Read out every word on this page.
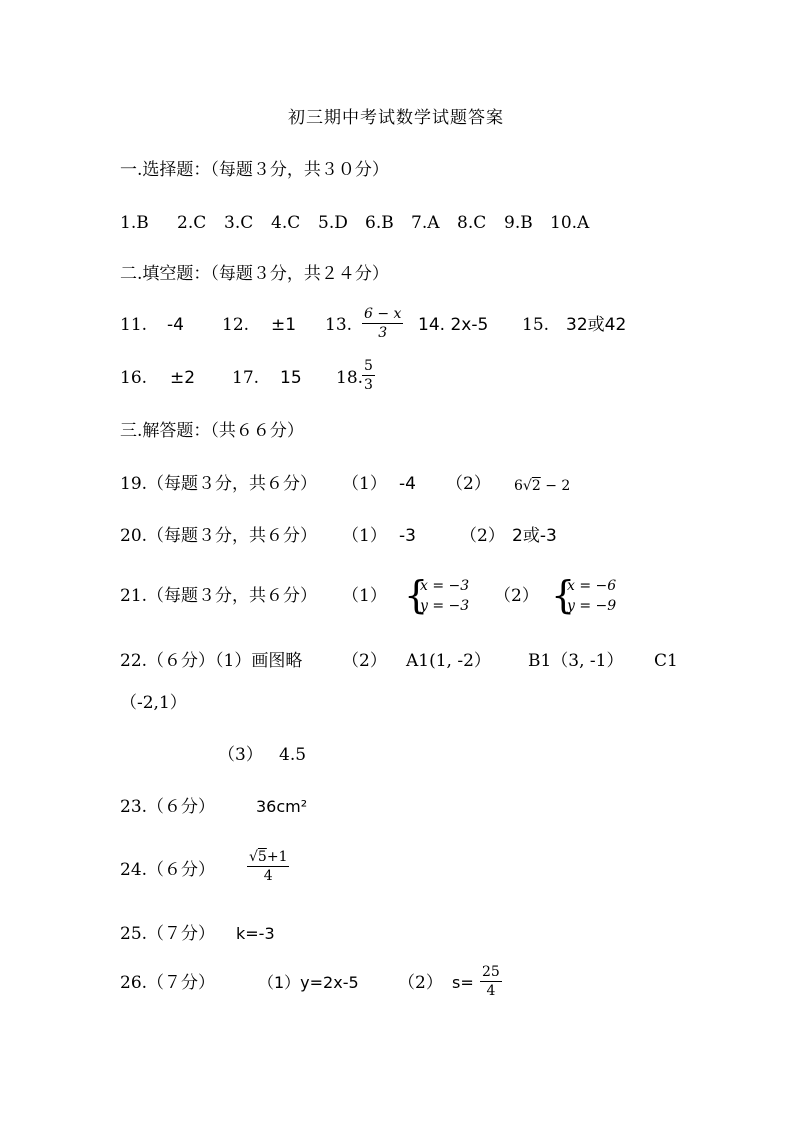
初三期中考试数学试题答案
一.选择题：（每题３分，共３０分）
1.B 2.C 3.C 4.C 5.D 6.B 7.A 8.C 9.B 10.A
二.填空题：（每题３分，共２４分）
11. -4 12. ±1 13.
6 − x
3	14. 2x-5 15. 32或42
16. ±2 17. 15 18.
5
3
三.解答题：（共６６分）
19.（每题３分，共６分） （1） -4 （2） 6√2 − 2
20.（每题３分，共６分） （1） -3	（2） 2或-3
21.（每题３分，共６分） （1） {
x = −3
y = −3 （2） {
x = −6
y = −9
22.（６分）（1）画图略 （2） A1(1, -2） B1（3, -1） C1
（-2,1）
（3） 4.5
23.（６分）	36cm²
24.（６分）
√5+1
4
25.（７分） k=-3
26.（７分）	（1）y=2x-5 （2） s=
25
4
